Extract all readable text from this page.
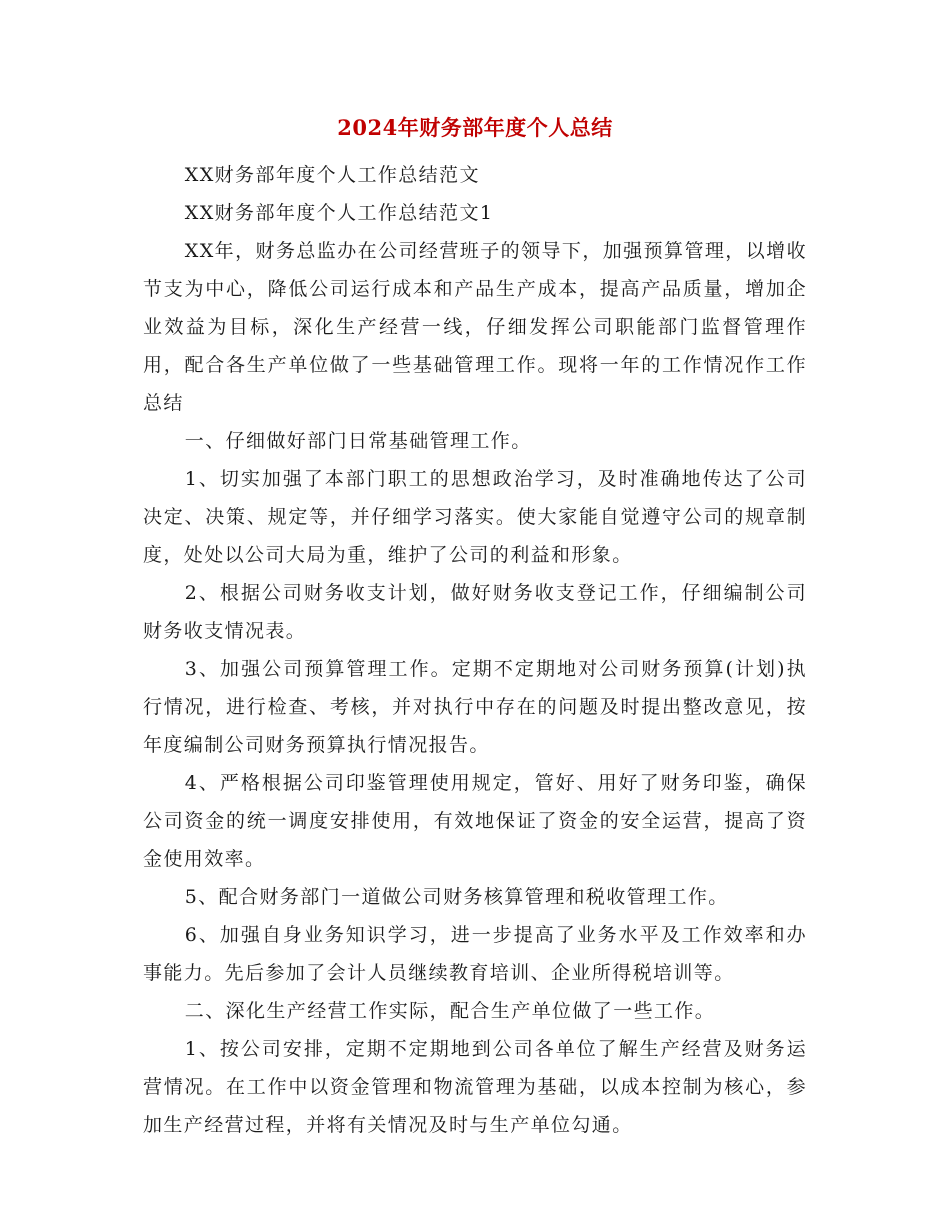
2024年财务部年度个人总结

XX财务部年度个人工作总结范文

XX财务部年度个人工作总结范文1

XX年，财务总监办在公司经营班子的领导下，加强预算管理，以增收节支为中心，降低公司运行成本和产品生产成本，提高产品质量，增加企业效益为目标，深化生产经营一线，仔细发挥公司职能部门监督管理作用，配合各生产单位做了一些基础管理工作。现将一年的工作情况作工作总结

一、仔细做好部门日常基础管理工作。

1、切实加强了本部门职工的思想政治学习，及时准确地传达了公司决定、决策、规定等，并仔细学习落实。使大家能自觉遵守公司的规章制度，处处以公司大局为重，维护了公司的利益和形象。

2、根据公司财务收支计划，做好财务收支登记工作，仔细编制公司财务收支情况表。

3、加强公司预算管理工作。定期不定期地对公司财务预算(计划)执行情况，进行检查、考核，并对执行中存在的问题及时提出整改意见，按年度编制公司财务预算执行情况报告。

4、严格根据公司印鉴管理使用规定，管好、用好了财务印鉴，确保公司资金的统一调度安排使用，有效地保证了资金的安全运营，提高了资金使用效率。

5、配合财务部门一道做公司财务核算管理和税收管理工作。

6、加强自身业务知识学习，进一步提高了业务水平及工作效率和办事能力。先后参加了会计人员继续教育培训、企业所得税培训等。

二、深化生产经营工作实际，配合生产单位做了一些工作。

1、按公司安排，定期不定期地到公司各单位了解生产经营及财务运营情况。在工作中以资金管理和物流管理为基础，以成本控制为核心，参加生产经营过程，并将有关情况及时与生产单位勾通。
